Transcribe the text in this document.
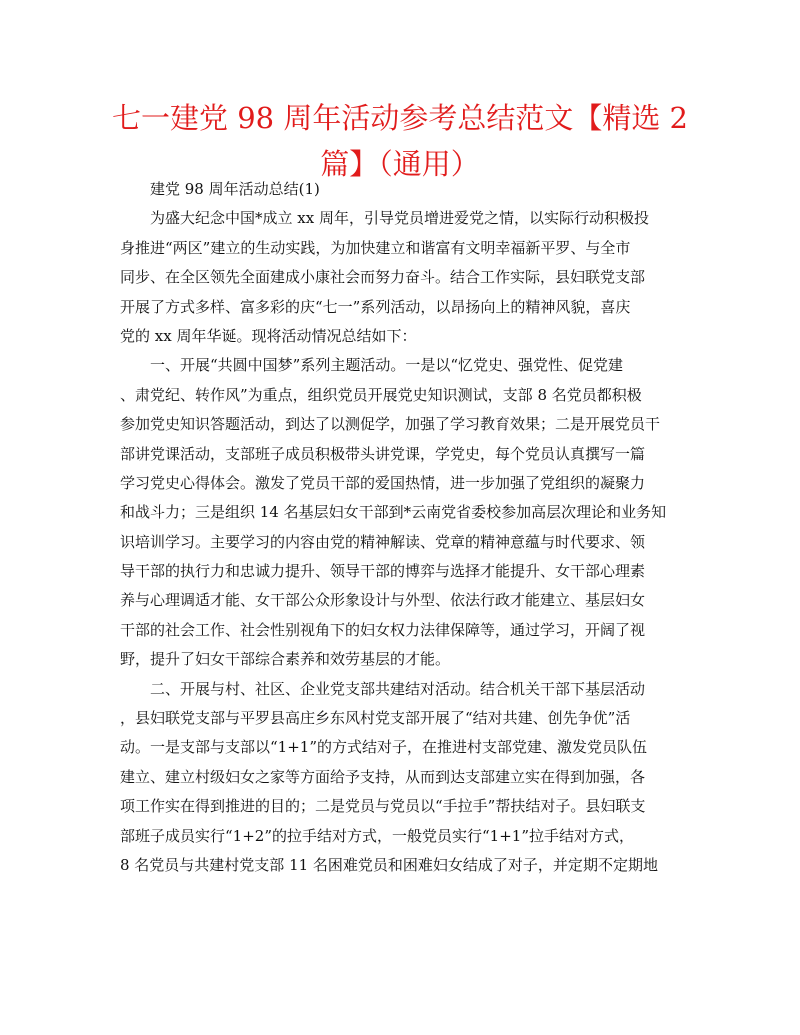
七一建党 98 周年活动参考总结范文【精选 2 篇】（通用）
建党 98 周年活动总结(1)
为盛大纪念中国*成立 xx 周年，引导党员增进爱党之情，以实际行动积极投
身推进“两区”建立的生动实践，为加快建立和谐富有文明幸福新平罗、与全市
同步、在全区领先全面建成小康社会而努力奋斗。结合工作实际，县妇联党支部
开展了方式多样、富多彩的庆“七一”系列活动，以昂扬向上的精神风貌，喜庆
党的 xx 周年华诞。现将活动情况总结如下：
一、开展“共圆中国梦”系列主题活动。一是以“忆党史、强党性、促党建
、肃党纪、转作风”为重点，组织党员开展党史知识测试，支部 8 名党员都积极
参加党史知识答题活动，到达了以测促学，加强了学习教育效果；二是开展党员干
部讲党课活动，支部班子成员积极带头讲党课，学党史，每个党员认真撰写一篇
学习党史心得体会。激发了党员干部的爱国热情，进一步加强了党组织的凝聚力
和战斗力；三是组织 14 名基层妇女干部到*云南党省委校参加高层次理论和业务知
识培训学习。主要学习的内容由党的精神解读、党章的精神意蕴与时代要求、领
导干部的执行力和忠诚力提升、领导干部的博弈与选择才能提升、女干部心理素
养与心理调适才能、女干部公众形象设计与外型、依法行政才能建立、基层妇女
干部的社会工作、社会性别视角下的妇女权力法律保障等，通过学习，开阔了视
野，提升了妇女干部综合素养和效劳基层的才能。
二、开展与村、社区、企业党支部共建结对活动。结合机关干部下基层活动
，县妇联党支部与平罗县高庄乡东风村党支部开展了“结对共建、创先争优”活
动。一是支部与支部以“1+1”的方式结对子，在推进村支部党建、激发党员队伍
建立、建立村级妇女之家等方面给予支持，从而到达支部建立实在得到加强，各
项工作实在得到推进的目的；二是党员与党员以“手拉手”帮扶结对子。县妇联支
部班子成员实行“1+2”的拉手结对方式，一般党员实行“1+1”拉手结对方式，
8 名党员与共建村党支部 11 名困难党员和困难妇女结成了对子，并定期不定期地
